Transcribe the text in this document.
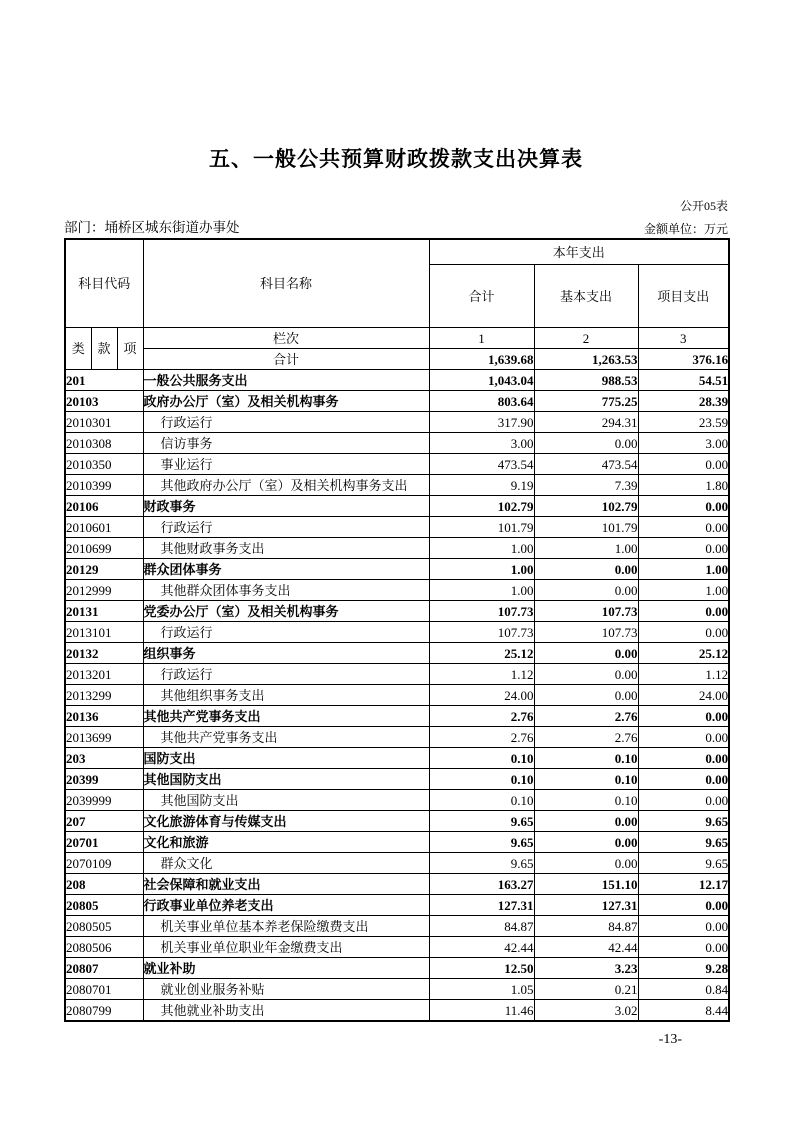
五、一般公共预算财政拨款支出决算表
公开05表
部门：埇桥区城东街道办事处	金额单位：万元
科目代码			科目名称	本年支出		
				合计	基本支出	项目支出
类	款	项	栏次	1	2	3
			合计	1,639.68	1,263.53	376.16
201			一般公共服务支出	1,043.04	988.53	54.51
20103			政府办公厅（室）及相关机构事务	803.64	775.25	28.39
2010301			行政运行	317.90	294.31	23.59
2010308			信访事务	3.00	0.00	3.00
2010350			事业运行	473.54	473.54	0.00
2010399			其他政府办公厅（室）及相关机构事务支出	9.19	7.39	1.80
20106			财政事务	102.79	102.79	0.00
2010601			行政运行	101.79	101.79	0.00
2010699			其他财政事务支出	1.00	1.00	0.00
20129			群众团体事务	1.00	0.00	1.00
2012999			其他群众团体事务支出	1.00	0.00	1.00
20131			党委办公厅（室）及相关机构事务	107.73	107.73	0.00
2013101			行政运行	107.73	107.73	0.00
20132			组织事务	25.12	0.00	25.12
2013201			行政运行	1.12	0.00	1.12
2013299			其他组织事务支出	24.00	0.00	24.00
20136			其他共产党事务支出	2.76	2.76	0.00
2013699			其他共产党事务支出	2.76	2.76	0.00
203			国防支出	0.10	0.10	0.00
20399			其他国防支出	0.10	0.10	0.00
2039999			其他国防支出	0.10	0.10	0.00
207			文化旅游体育与传媒支出	9.65	0.00	9.65
20701			文化和旅游	9.65	0.00	9.65
2070109			群众文化	9.65	0.00	9.65
208			社会保障和就业支出	163.27	151.10	12.17
20805			行政事业单位养老支出	127.31	127.31	0.00
2080505			机关事业单位基本养老保险缴费支出	84.87	84.87	0.00
2080506			机关事业单位职业年金缴费支出	42.44	42.44	0.00
20807			就业补助	12.50	3.23	9.28
2080701			就业创业服务补贴	1.05	0.21	0.84
2080799			其他就业补助支出	11.46	3.02	8.44
-13-
